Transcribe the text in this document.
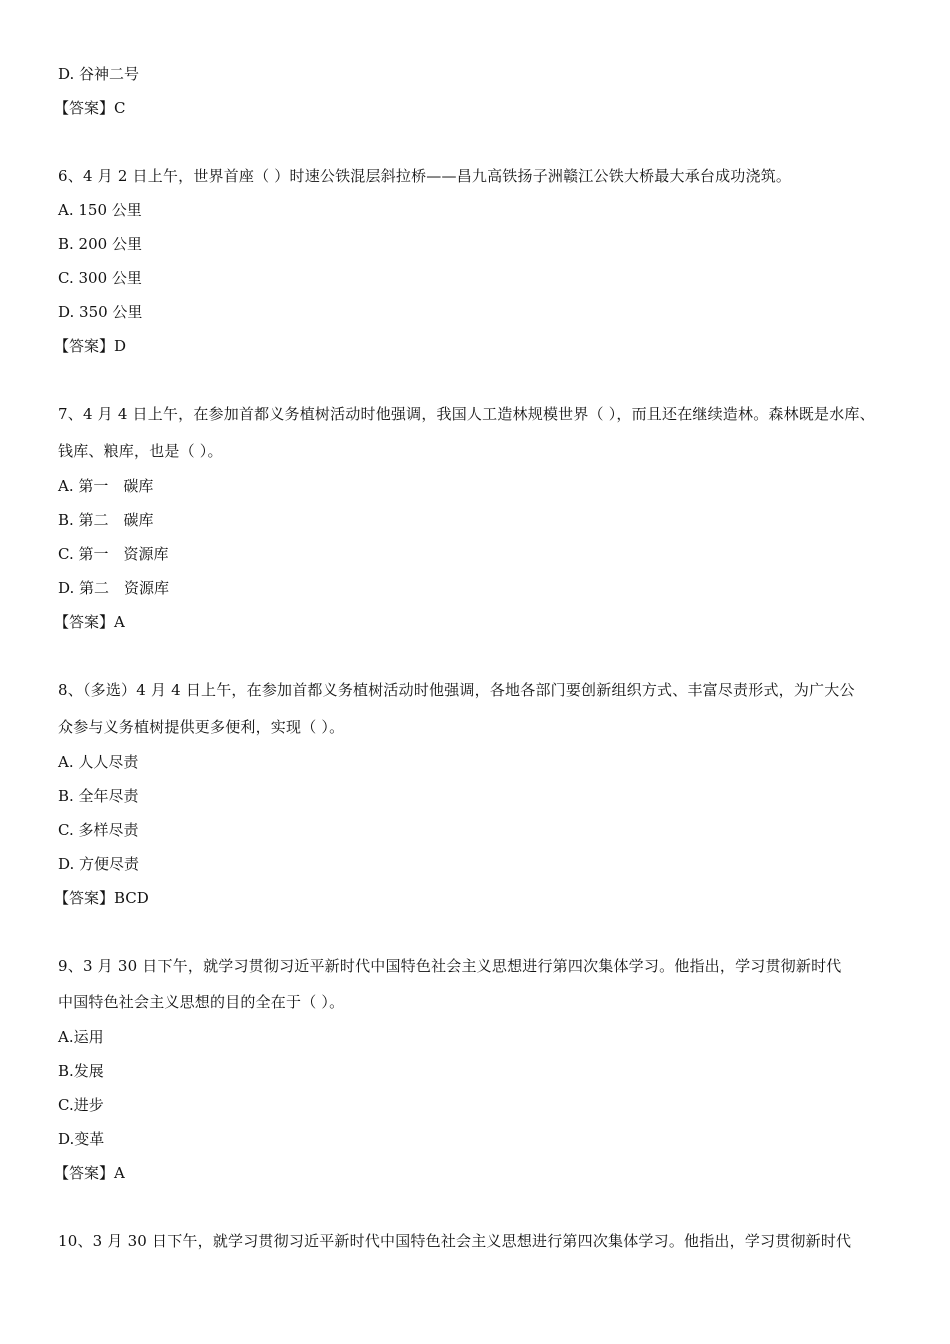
D. 谷神二号
【答案】C
6、4 月 2 日上午，世界首座（ ）时速公铁混层斜拉桥——昌九高铁扬子洲赣江公铁大桥最大承台成功浇筑。
A. 150 公里
B. 200 公里
C. 300 公里
D. 350 公里
【答案】D
7、4 月 4 日上午，在参加首都义务植树活动时他强调，我国人工造林规模世界（ ），而且还在继续造林。森林既是水库、
钱库、粮库，也是（ ）。
A. 第一　碳库
B. 第二　碳库
C. 第一　资源库
D. 第二　资源库
【答案】A
8、（多选）4 月 4 日上午，在参加首都义务植树活动时他强调，各地各部门要创新组织方式、丰富尽责形式，为广大公
众参与义务植树提供更多便利，实现（ ）。
A. 人人尽责
B. 全年尽责
C. 多样尽责
D. 方便尽责
【答案】BCD
9、3 月 30 日下午，就学习贯彻习近平新时代中国特色社会主义思想进行第四次集体学习。他指出，学习贯彻新时代
中国特色社会主义思想的目的全在于（ ）。
A.运用
B.发展
C.进步
D.变革
【答案】A
10、3 月 30 日下午，就学习贯彻习近平新时代中国特色社会主义思想进行第四次集体学习。他指出，学习贯彻新时代
